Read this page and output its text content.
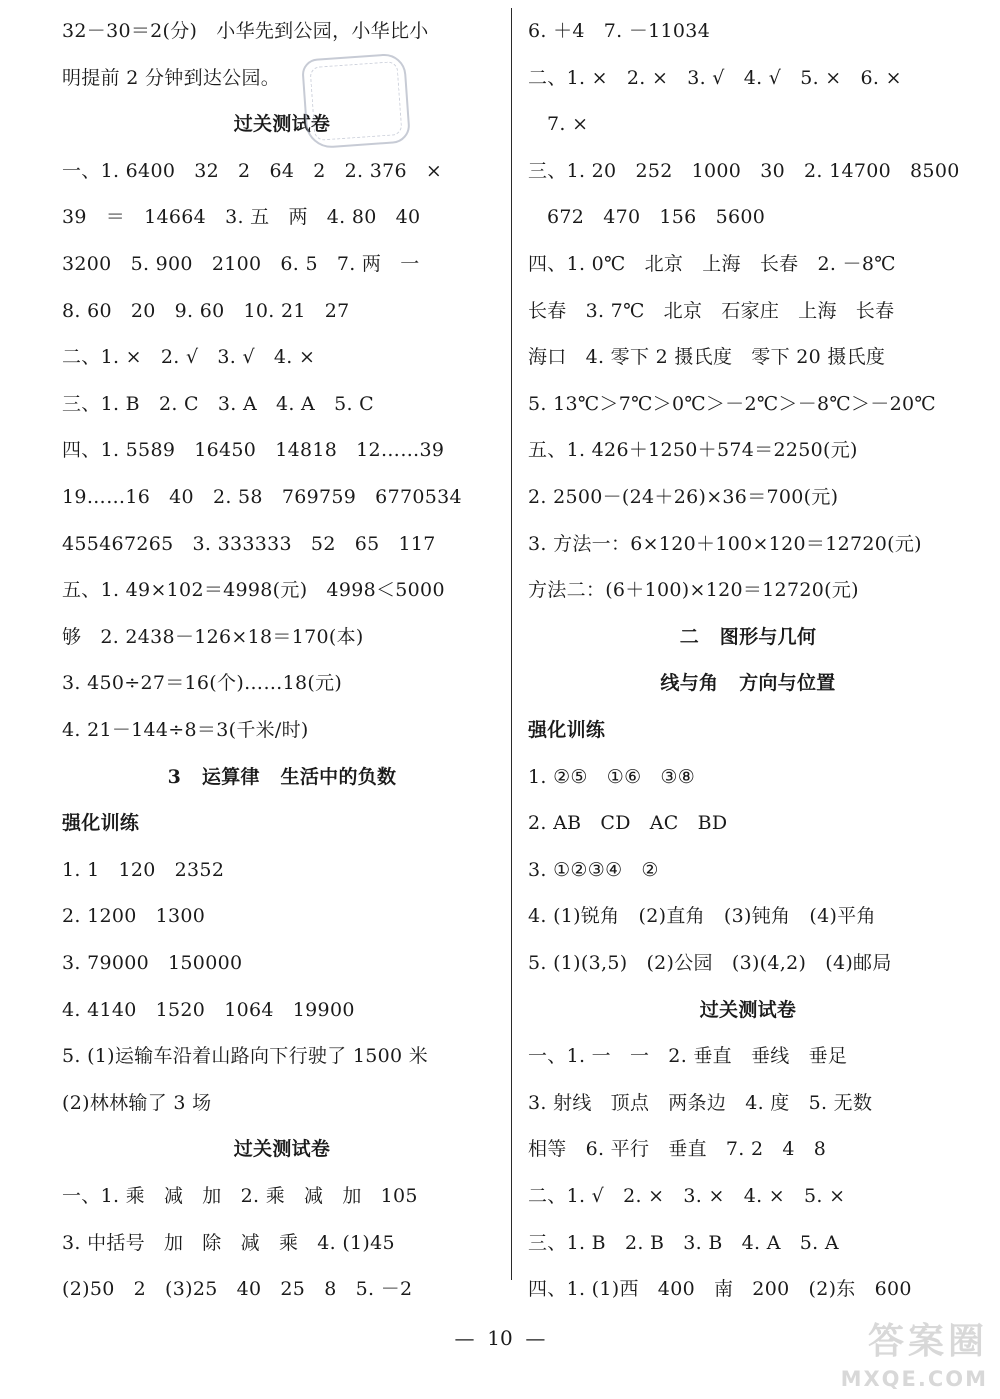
32－30＝2(分)   小华先到公园，小华比小
明提前 2 分钟到达公园。
过关测试卷
一、1. 6400   32   2   64   2   2. 376   ×
39   ＝   14664   3. 五   两   4. 80   40
3200   5. 900   2100   6. 5   7. 两   一
8. 60   20   9. 60   10. 21   27
二、1. ×   2. √   3. √   4. ×
三、1. B   2. C   3. A   4. A   5. C
四、1. 5589   16450   14818   12……39
19……16   40   2. 58   769759   6770534
455467265   3. 333333   52   65   117
五、1. 49×102＝4998(元)   4998＜5000
够   2. 2438－126×18＝170(本)
3. 450÷27＝16(个)……18(元)
4. 21－144÷8＝3(千米/时)
3   运算律   生活中的负数
强化训练
1. 1   120   2352
2. 1200   1300
3. 79000   150000
4. 4140   1520   1064   19900
5. (1)运输车沿着山路向下行驶了 1500 米
(2)林林输了 3 场
过关测试卷
一、1. 乘   减   加   2. 乘   减   加   105
3. 中括号   加   除   减   乘   4. (1)45
(2)50   2   (3)25   40   25   8   5. －2
6. ＋4   7. －11034
二、1. ×   2. ×   3. √   4. √   5. ×   6. ×
7. ×
三、1. 20   252   1000   30   2. 14700   8500
672   470   156   5600
四、1. 0℃   北京   上海   长春   2. －8℃
长春   3. 7℃   北京   石家庄   上海   长春
海口   4. 零下 2 摄氏度   零下 20 摄氏度
5. 13℃＞7℃＞0℃＞－2℃＞－8℃＞－20℃
五、1. 426＋1250＋574＝2250(元)
2. 2500－(24＋26)×36＝700(元)
3. 方法一：6×120＋100×120＝12720(元)
方法二：(6＋100)×120＝12720(元)
二   图形与几何
线与角   方向与位置
强化训练
1. ②⑤   ①⑥   ③⑧
2. AB   CD   AC   BD
3. ①②③④   ②
4. (1)锐角   (2)直角   (3)钝角   (4)平角
5. (1)(3,5)   (2)公园   (3)(4,2)   (4)邮局
过关测试卷
一、1. 一   一   2. 垂直   垂线   垂足
3. 射线   顶点   两条边   4. 度   5. 无数
相等   6. 平行   垂直   7. 2   4   8
二、1. √   2. ×   3. ×   4. ×   5. ×
三、1. B   2. B   3. B   4. A   5. A
四、1. (1)西   400   南   200   (2)东   600
—  10  —	答案圈
MXQE.COM
